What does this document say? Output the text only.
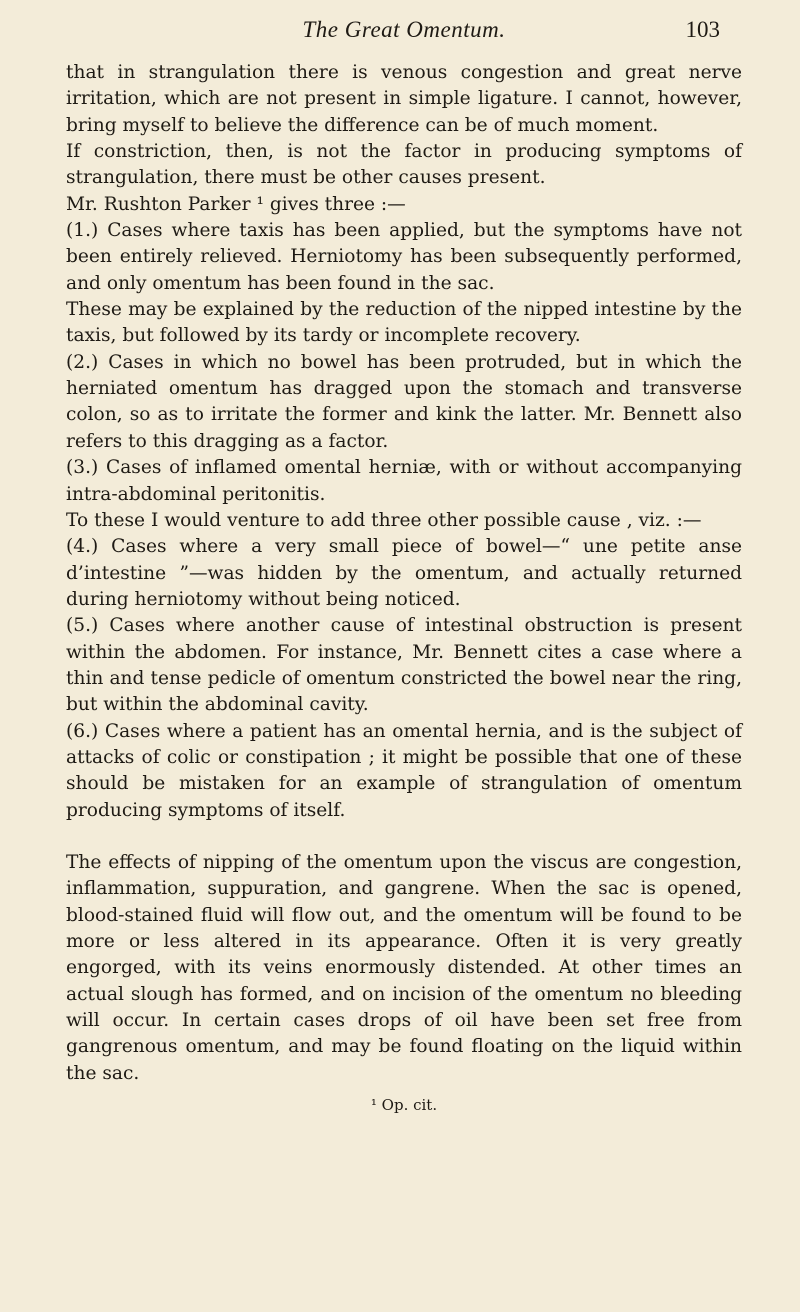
The Great Omentum.	103

that in strangulation there is venous congestion and great nerve irritation, which are not present in simple ligature. I cannot, however, bring myself to believe the difference can be of much moment.

If constriction, then, is not the factor in producing symptoms of strangulation, there must be other causes present.

Mr. Rushton Parker ¹ gives three :—

(1.) Cases where taxis has been applied, but the symptoms have not been entirely relieved. Herniotomy has been subsequently performed, and only omentum has been found in the sac.

These may be explained by the reduction of the nipped intestine by the taxis, but followed by its tardy or incomplete recovery.

(2.) Cases in which no bowel has been protruded, but in which the herniated omentum has dragged upon the stomach and transverse colon, so as to irritate the former and kink the latter. Mr. Bennett also refers to this dragging as a factor.

(3.) Cases of inflamed omental herniæ, with or without accompanying intra-abdominal peritonitis.

To these I would venture to add three other possible cause , viz. :—

(4.) Cases where a very small piece of bowel—“ une petite anse d’intestine ”—was hidden by the omentum, and actually returned during herniotomy without being noticed.

(5.) Cases where another cause of intestinal obstruction is present within the abdomen. For instance, Mr. Bennett cites a case where a thin and tense pedicle of omentum constricted the bowel near the ring, but within the abdominal cavity.

(6.) Cases where a patient has an omental hernia, and is the subject of attacks of colic or constipation ; it might be possible that one of these should be mistaken for an example of strangulation of omentum producing symptoms of itself.

The effects of nipping of the omentum upon the viscus are congestion, inflammation, suppuration, and gangrene. When the sac is opened, blood-stained fluid will flow out, and the omentum will be found to be more or less altered in its appearance. Often it is very greatly engorged, with its veins enormously distended. At other times an actual slough has formed, and on incision of the omentum no bleeding will occur. In certain cases drops of oil have been set free from gangrenous omentum, and may be found floating on the liquid within the sac.

¹ Op. cit.
